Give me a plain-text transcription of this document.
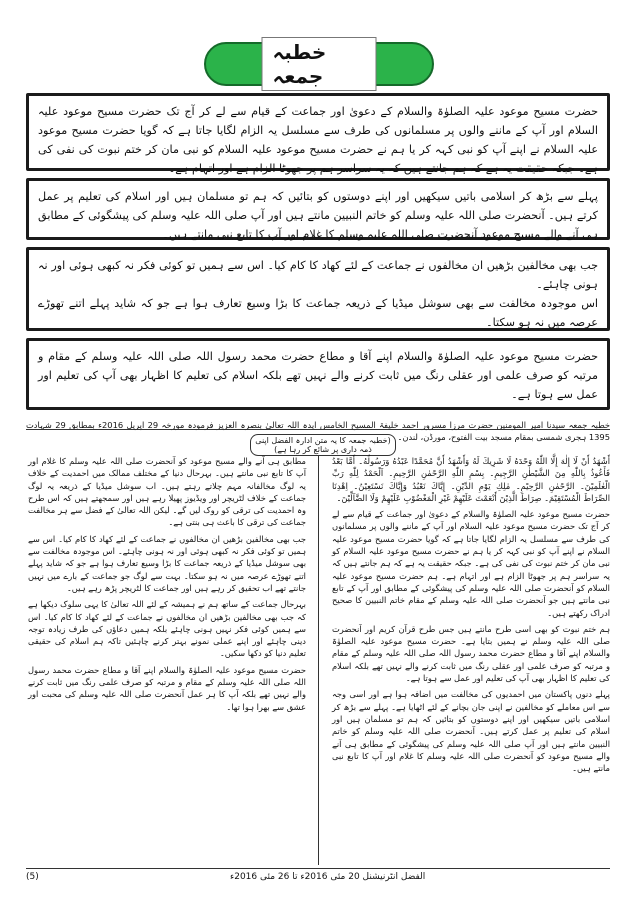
خطبہ جمعہ

حضرت مسیح موعود علیہ الصلوٰۃ والسلام کے دعویٰ اور جماعت کے قیام سے لے کر آج تک حضرت مسیح موعود علیہ السلام اور آپ کے ماننے والوں پر مسلمانوں کی طرف سے مسلسل یہ الزام لگایا جاتا ہے کہ گویا حضرت مسیح موعود علیہ السلام نے اپنے آپ کو نبی کہہ کر یا ہم نے حضرت مسیح موعود علیہ السلام کو نبی مان کر ختم نبوت کی نفی کی ہے۔ جبکہ حقیقت یہ ہے کہ ہم جانتے ہیں کہ یہ سراسر ہم پر جھوٹا الزام ہے اور اتہام ہے۔

پہلے سے بڑھ کر اسلامی باتیں سیکھیں اور اپنے دوستوں کو بتائیں کہ ہم تو مسلمان ہیں اور اسلام کی تعلیم پر عمل کرتے ہیں۔ آنحضرت صلی اللہ علیہ وسلم کو خاتم النبیین مانتے ہیں اور آپ صلی اللہ علیہ وسلم کی پیشگوئی کے مطابق ہی آنے والے مسیح موعود آنحضرت صلی اللہ علیہ وسلم کا غلام اور آپ کا تابع نبی مانتے ہیں۔

جب بھی مخالفین بڑھیں ان مخالفوں نے جماعت کے لئے کھاد کا کام کیا۔ اس سے ہمیں تو کوئی فکر نہ کبھی ہوئی اور نہ ہونی چاہئے۔

اس موجودہ مخالفت سے بھی سوشل میڈیا کے ذریعہ جماعت کا بڑا وسیع تعارف ہوا ہے جو کہ شاید پہلے اتنے تھوڑے عرصہ میں نہ ہو سکتا۔

حضرت مسیح موعود علیہ الصلوٰۃ والسلام اپنے آقا و مطاع حضرت محمد رسول اللہ صلی اللہ علیہ وسلم کے مقام و مرتبہ کو صرف علمی اور عقلی رنگ میں ثابت کرنے والے نہیں تھے بلکہ اسلام کی تعلیم کا اظہار بھی آپ کی تعلیم اور عمل سے ہوتا ہے۔

خطبہ جمعہ سیدنا امیر المومنین حضرت مرزا مسرور احمد خلیفۃ المسیح الخامس ایدہ اللہ تعالیٰ بنصرہ العزیز فرمودہ مورخہ 29 اپریل 2016ء بمطابق 29 شہادت 1395 ہجری شمسی بمقام مسجد بیت الفتوح، مورڈن، لندن۔
(خطبہ جمعہ کا یہ متن ادارہ الفضل اپنی ذمہ داری پر شائع کر رہا ہے)

أَشْهَدُ أَنْ لَا إِلٰهَ إِلَّا اللّٰهُ وَحْدَهُ لَا شَرِيكَ لَهُ وَأَشْهَدُ أَنَّ مُحَمَّدًا عَبْدُهُ وَرَسُولُهُ۔ أَمَّا بَعْدُ فَأَعُوذُ بِاللّٰهِ مِنَ الشَّيْطٰنِ الرَّجِيمِ۔ بِسْمِ اللّٰهِ الرَّحْمٰنِ الرَّحِيمِ۔ اَلْحَمْدُ لِلّٰهِ رَبِّ الْعٰلَمِيْنَ۔ الرَّحْمٰنِ الرَّحِيْمِ۔ مٰلِكِ يَوْمِ الدِّيْنِ۔ إِيَّاكَ نَعْبُدُ وَإِيَّاكَ نَسْتَعِيْنُ۔ اِهْدِنَا الصِّرَاطَ الْمُسْتَقِيْمَ۔ صِرَاطَ الَّذِيْنَ أَنْعَمْتَ عَلَيْهِمْ غَيْرِ الْمَغْضُوْبِ عَلَيْهِمْ وَلَا الضَّآلِّيْنَ۔

حضرت مسیح موعود علیہ الصلوٰۃ والسلام کے دعویٰ اور جماعت کے قیام سے لے کر آج تک حضرت مسیح موعود علیہ السلام اور آپ کے ماننے والوں پر مسلمانوں کی طرف سے مسلسل یہ الزام لگایا جاتا ہے کہ گویا حضرت مسیح موعود علیہ السلام نے اپنے آپ کو نبی کہہ کر یا ہم نے حضرت مسیح موعود علیہ السلام کو نبی مان کر ختم نبوت کی نفی کی ہے۔ جبکہ حقیقت یہ ہے کہ ہم جانتے ہیں کہ یہ سراسر ہم پر جھوٹا الزام ہے اور اتہام ہے۔ ہم حضرت مسیح موعود علیہ السلام کو آنحضرت صلی اللہ علیہ وسلم کی پیشگوئی کے مطابق اور آپ کے تابع نبی مانتے ہیں جو آنحضرت صلی اللہ علیہ وسلم کے مقام خاتم النبیین کا صحیح ادراک رکھتے ہیں۔

ہم ختم نبوت کو بھی اسی طرح مانتے ہیں جس طرح قرآن کریم اور آنحضرت صلی اللہ علیہ وسلم نے ہمیں بتایا ہے۔ حضرت مسیح موعود علیہ الصلوٰۃ والسلام اپنے آقا و مطاع حضرت محمد رسول اللہ صلی اللہ علیہ وسلم کے مقام و مرتبہ کو صرف علمی اور عقلی رنگ میں ثابت کرنے والے نہیں تھے بلکہ اسلام کی تعلیم کا اظہار بھی آپ کی تعلیم اور عمل سے ہوتا ہے۔

پہلے دنوں پاکستان میں احمدیوں کی مخالفت میں اضافہ ہوا ہے اور اسی وجہ سے اس معاملے کو مخالفین نے اپنی جان بچانے کے لئے اٹھایا ہے۔ پہلے سے بڑھ کر اسلامی باتیں سیکھیں اور اپنے دوستوں کو بتائیں کہ ہم تو مسلمان ہیں اور اسلام کی تعلیم پر عمل کرتے ہیں۔ آنحضرت صلی اللہ علیہ وسلم کو خاتم النبیین مانتے ہیں اور آپ صلی اللہ علیہ وسلم کی پیشگوئی کے مطابق ہی آنے والے مسیح موعود کو آنحضرت صلی اللہ علیہ وسلم کا غلام اور آپ کا تابع نبی مانتے ہیں۔

مطابق ہی آنے والے مسیح موعود کو آنحضرت صلی اللہ علیہ وسلم کا غلام اور آپ کا تابع نبی مانتے ہیں۔ بہرحال دنیا کے مختلف ممالک میں احمدیت کے خلاف یہ لوگ مخالفانہ مہم چلاتے رہتے ہیں۔ اب سوشل میڈیا کے ذریعہ یہ لوگ جماعت کے خلاف لٹریچر اور ویڈیوز پھیلا رہے ہیں اور سمجھتے ہیں کہ اس طرح وہ احمدیت کی ترقی کو روک لیں گے۔ لیکن اللہ تعالیٰ کے فضل سے ہر مخالفت جماعت کی ترقی کا باعث ہی بنتی ہے۔

جب بھی مخالفین بڑھیں ان مخالفوں نے جماعت کے لئے کھاد کا کام کیا۔ اس سے ہمیں تو کوئی فکر نہ کبھی ہوئی اور نہ ہونی چاہئے۔ اس موجودہ مخالفت سے بھی سوشل میڈیا کے ذریعہ جماعت کا بڑا وسیع تعارف ہوا ہے جو کہ شاید پہلے اتنے تھوڑے عرصہ میں نہ ہو سکتا۔ بہت سے لوگ جو جماعت کے بارے میں نہیں جانتے تھے اب تحقیق کر رہے ہیں اور جماعت کا لٹریچر پڑھ رہے ہیں۔

بہرحال جماعت کے ساتھ ہم نے ہمیشہ کے لئے اللہ تعالیٰ کا یہی سلوک دیکھا ہے کہ جب بھی مخالفین بڑھیں ان مخالفوں نے جماعت کے لئے کھاد کا کام کیا۔ اس سے ہمیں کوئی فکر نہیں ہونی چاہئے بلکہ ہمیں دعاؤں کی طرف زیادہ توجہ دینی چاہئے اور اپنے عملی نمونے بہتر کرنے چاہئیں تاکہ ہم اسلام کی حقیقی تعلیم دنیا کو دکھا سکیں۔

حضرت مسیح موعود علیہ الصلوٰۃ والسلام اپنے آقا و مطاع حضرت محمد رسول اللہ صلی اللہ علیہ وسلم کے مقام و مرتبہ کو صرف علمی رنگ میں ثابت کرنے والے نہیں تھے بلکہ آپ کا ہر عمل آنحضرت صلی اللہ علیہ وسلم کی محبت اور عشق سے بھرا ہوا تھا۔

الفضل انٹرنیشنل 20 مئی 2016ء تا 26 مئی 2016ء
(5)
